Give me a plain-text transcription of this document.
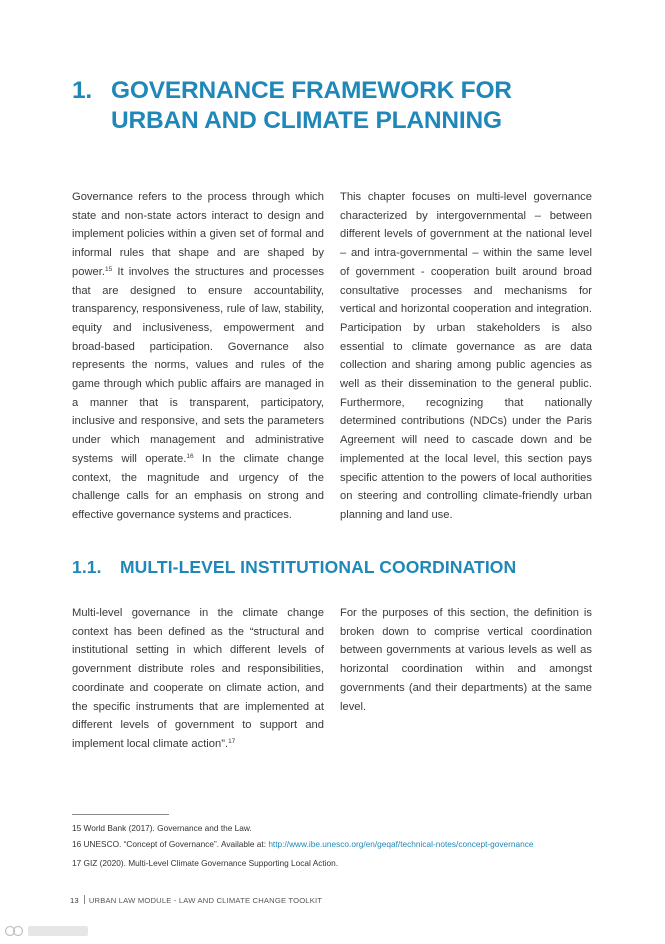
1. GOVERNANCE FRAMEWORK FOR
URBAN AND CLIMATE PLANNING

Governance refers to the process through which state and non-state actors interact to design and implement policies within a given set of formal and informal rules that shape and are shaped by power.$^{15}$ It involves the structures and processes that are designed to ensure accountability, transparency, responsiveness, rule of law, stability, equity and inclusiveness, empowerment and broad-based participation. Governance also represents the norms, values and rules of the game through which public affairs are managed in a manner that is transparent, participatory, inclusive and responsive, and sets the parameters under which management and administrative systems will operate.$^{16}$ In the climate change context, the magnitude and urgency of the challenge calls for an emphasis on strong and effective governance systems and practices.

This chapter focuses on multi-level governance characterized by intergovernmental – between different levels of government at the national level – and intra-governmental – within the same level of government - cooperation built around broad consultative processes and mechanisms for vertical and horizontal cooperation and integration. Participation by urban stakeholders is also essential to climate governance as are data collection and sharing among public agencies as well as their dissemination to the general public. Furthermore, recognizing that nationally determined contributions (NDCs) under the Paris Agreement will need to cascade down and be implemented at the local level, this section pays specific attention to the powers of local authorities on steering and controlling climate-friendly urban planning and land use.

1.1. MULTI-LEVEL INSTITUTIONAL COORDINATION

Multi-level governance in the climate change context has been defined as the “structural and institutional setting in which different levels of government distribute roles and responsibilities, coordinate and cooperate on climate action, and the specific instruments that are implemented at different levels of government to support and implement local climate action”.$^{17}$

For the purposes of this section, the definition is broken down to comprise vertical coordination between governments at various levels as well as horizontal coordination within and amongst governments (and their departments) at the same level.

15 World Bank (2017). Governance and the Law.
16 UNESCO. “Concept of Governance”. Available at: http://www.ibe.unesco.org/en/geqaf/technical-notes/concept-governance
17 GIZ (2020). Multi-Level Climate Governance Supporting Local Action.
13 URBAN LAW MODULE - LAW AND CLIMATE CHANGE TOOLKIT
